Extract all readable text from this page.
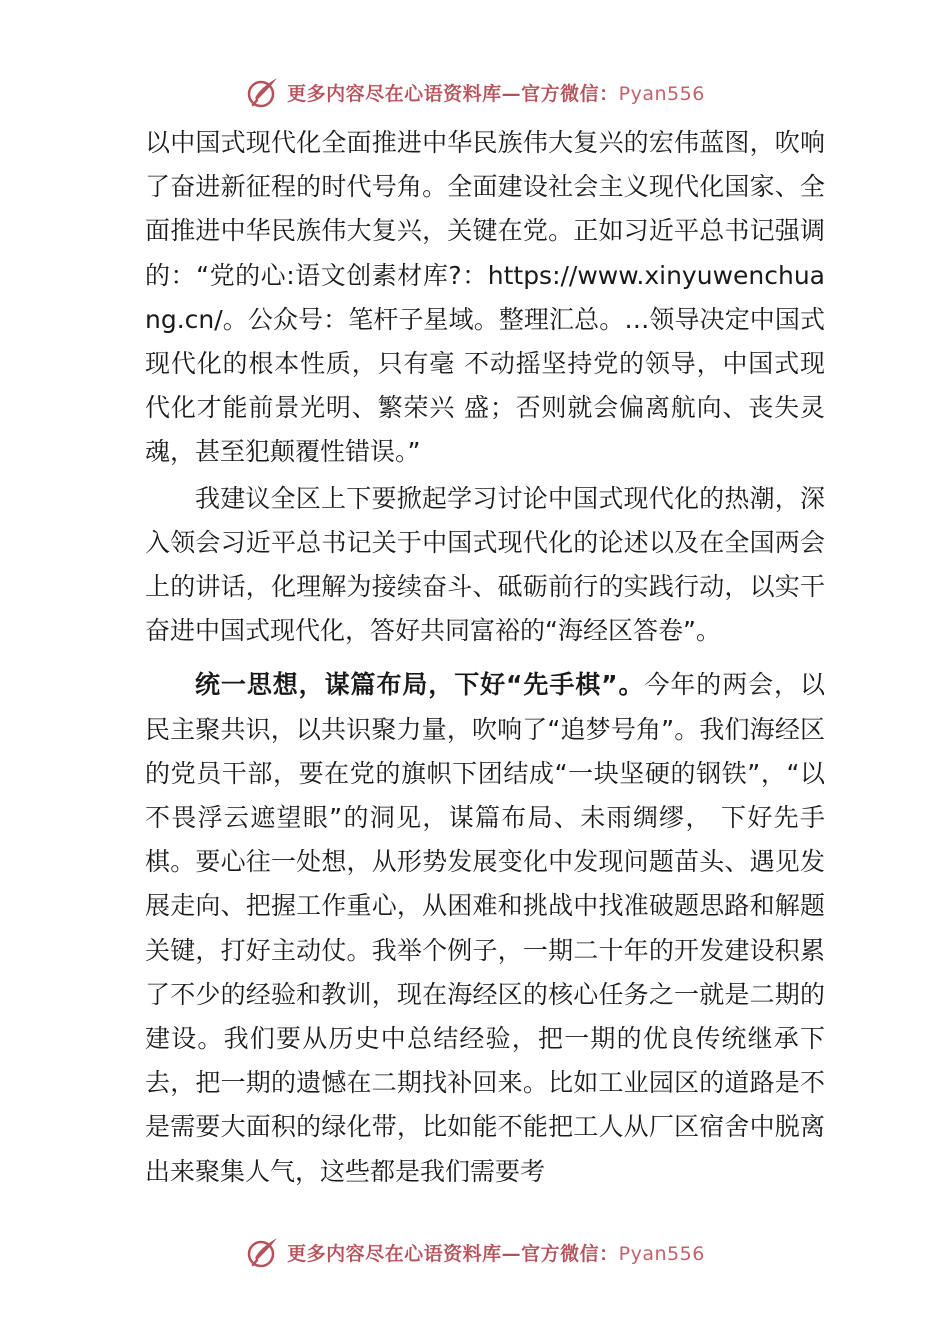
更多内容尽在心语资料库—官方微信：Pyan556

以中国式现代化全面推进中华民族伟大复兴的宏伟蓝图，吹响了奋进新征程的时代号角。全面建设社会主义现代化国家、全面推进中华民族伟大复兴，关键在党。正如习近平总书记强调的：“党的心:语文创素材库?：https://www.xinyuwenchuang.cn/。公众号：笔杆子星域。整理汇总。…领导决定中国式现代化的根本性质，只有毫 不动摇坚持党的领导，中国式现代化才能前景光明、繁荣兴 盛；否则就会偏离航向、丧失灵魂，甚至犯颠覆性错误。”

我建议全区上下要掀起学习讨论中国式现代化的热潮，深入领会习近平总书记关于中国式现代化的论述以及在全国两会上的讲话，化理解为接续奋斗、砥砺前行的实践行动，以实干奋进中国式现代化，答好共同富裕的“海经区答卷”。

统一思想，谋篇布局，下好“先手棋”。今年的两会，以民主聚共识，以共识聚力量，吹响了“追梦号角”。我们海经区的党员干部，要在党的旗帜下团结成“一块坚硬的钢铁”，“以不畏浮云遮望眼”的洞见，谋篇布局、未雨绸缪， 下好先手棋。要心往一处想，从形势发展变化中发现问题苗头、遇见发展走向、把握工作重心，从困难和挑战中找准破题思路和解题关键，打好主动仗。我举个例子，一期二十年的开发建设积累了不少的经验和教训，现在海经区的核心任务之一就是二期的建设。我们要从历史中总结经验，把一期的优良传统继承下去，把一期的遗憾在二期找补回来。比如工业园区的道路是不是需要大面积的绿化带，比如能不能把工人从厂区宿舍中脱离出来聚集人气，这些都是我们需要考

更多内容尽在心语资料库—官方微信：Pyan556
